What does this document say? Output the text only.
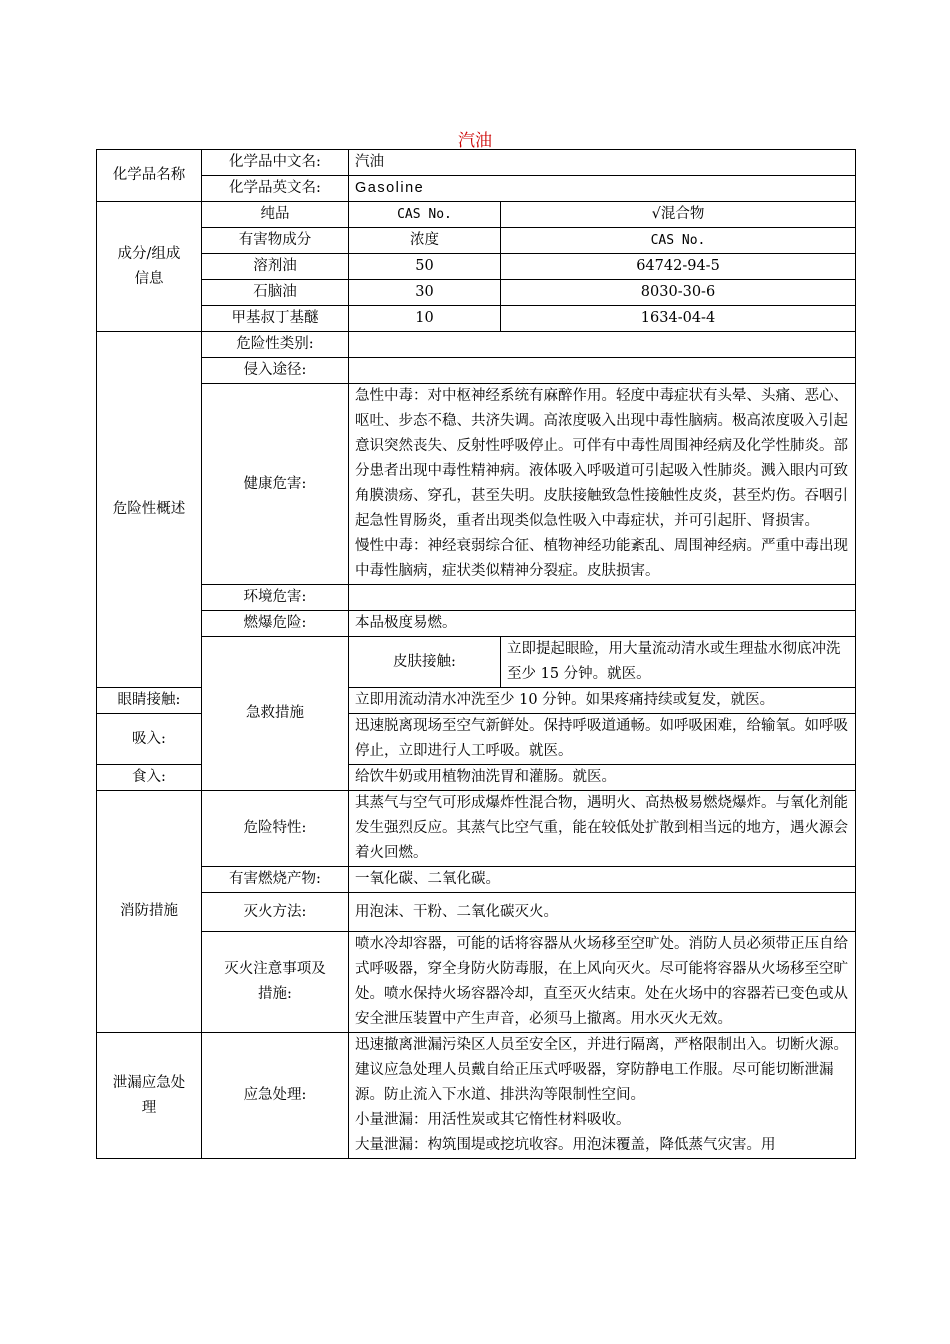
汽油
化学品名称	化学品中文名:	汽油	
	化学品英文名:	Gasoline	
成分/组成
信息	纯品	CAS No.	√混合物
	有害物成分	浓度	CAS No.
	溶剂油	50	64742-94-5
	石脑油	30	8030-30-6
	甲基叔丁基醚	10	1634-04-4
危险性概述	危险性类别:		
	侵入途径:		
	健康危害:	急性中毒：对中枢神经系统有麻醉作用。轻度中毒症状有头晕、头痛、恶心、呕吐、步态不稳、共济失调。高浓度吸入出现中毒性脑病。极高浓度吸入引起意识突然丧失、反射性呼吸停止。可伴有中毒性周围神经病及化学性肺炎。部分患者出现中毒性精神病。液体吸入呼吸道可引起吸入性肺炎。溅入眼内可致角膜溃疡、穿孔，甚至失明。皮肤接触致急性接触性皮炎，甚至灼伤。吞咽引起急性胃肠炎，重者出现类似急性吸入中毒症状，并可引起肝、肾损害。
慢性中毒：神经衰弱综合征、植物神经功能紊乱、周围神经病。严重中毒出现中毒性脑病，症状类似精神分裂症。皮肤损害。	

	环境危害:		
	燃爆危险:	本品极度易燃。	
	急救措施	皮肤接触:	立即提起眼睑，用大量流动清水或生理盐水彻底冲洗至少 15 分钟。就医。
眼睛接触:		立即用流动清水冲洗至少 10 分钟。如果疼痛持续或复发，就医。	
吸入:		迅速脱离现场至空气新鲜处。保持呼吸道通畅。如呼吸困难，给输氧。如呼吸停止，立即进行人工呼吸。就医。	
食入:		给饮牛奶或用植物油洗胃和灌肠。就医。	
消防措施	危险特性:	其蒸气与空气可形成爆炸性混合物，遇明火、高热极易燃烧爆炸。与氧化剂能发生强烈反应。其蒸气比空气重，能在较低处扩散到相当远的地方，遇火源会着火回燃。	
	有害燃烧产物:	一氧化碳、二氧化碳。	
	灭火方法:	用泡沫、干粉、二氧化碳灭火。	
	灭火注意事项及
措施:	喷水冷却容器，可能的话将容器从火场移至空旷处。消防人员必须带正压自给式呼吸器，穿全身防火防毒服，在上风向灭火。尽可能将容器从火场移至空旷处。喷水保持火场容器冷却，直至灭火结束。处在火场中的容器若已变色或从安全泄压装置中产生声音，必须马上撤离。用水灭火无效。	
泄漏应急处
理	应急处理:	迅速撤离泄漏污染区人员至安全区，并进行隔离，严格限制出入。切断火源。建议应急处理人员戴自给正压式呼吸器，穿防静电工作服。尽可能切断泄漏源。防止流入下水道、排洪沟等限制性空间。
小量泄漏：用活性炭或其它惰性材料吸收。
大量泄漏：构筑围堤或挖坑收容。用泡沫覆盖，降低蒸气灾害。用	
